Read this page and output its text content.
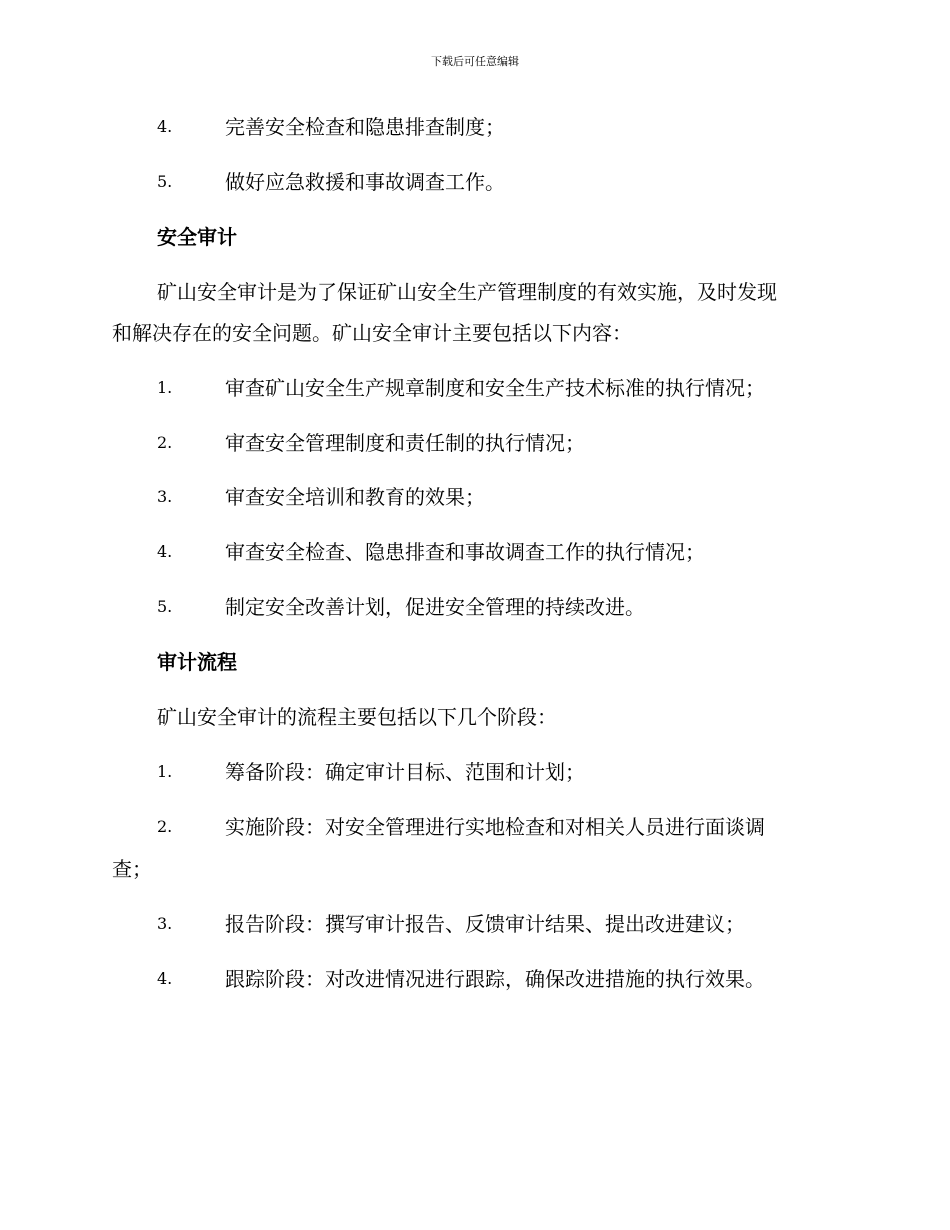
下载后可任意编辑
4.	完善安全检查和隐患排查制度；
5.	做好应急救援和事故调查工作。
安全审计
矿山安全审计是为了保证矿山安全生产管理制度的有效实施，及时发现
和解决存在的安全问题。矿山安全审计主要包括以下内容：
1.	审查矿山安全生产规章制度和安全生产技术标准的执行情况；
2.	审查安全管理制度和责任制的执行情况；
3.	审查安全培训和教育的效果；
4.	审查安全检查、隐患排查和事故调查工作的执行情况；
5.	制定安全改善计划，促进安全管理的持续改进。
审计流程
矿山安全审计的流程主要包括以下几个阶段：
1.	筹备阶段：确定审计目标、范围和计划；
2.	实施阶段：对安全管理进行实地检查和对相关人员进行面谈调
查；
3.	报告阶段：撰写审计报告、反馈审计结果、提出改进建议；
4.	跟踪阶段：对改进情况进行跟踪，确保改进措施的执行效果。
